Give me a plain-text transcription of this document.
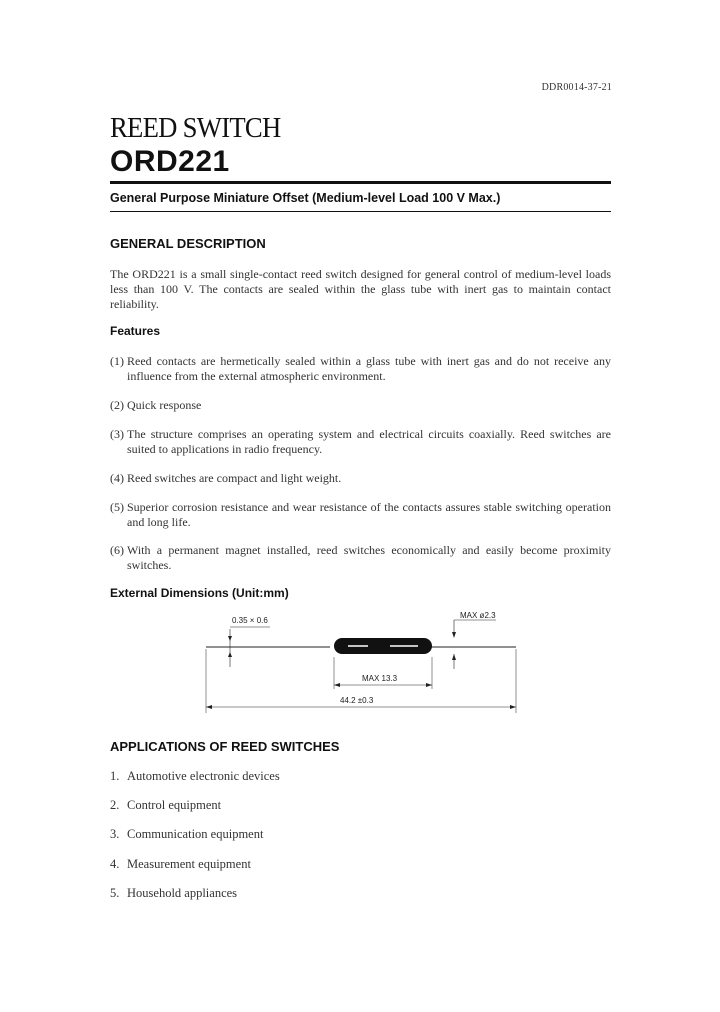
DDR0014-37-21
REED SWITCH
ORD221
General Purpose Miniature Offset (Medium-level Load 100 V Max.)
GENERAL DESCRIPTION
The ORD221 is a small single-contact reed switch designed for general control of medium-level loads less than 100 V. The contacts are sealed within the glass tube with inert gas to maintain contact reliability.
Features
(1) Reed contacts are hermetically sealed within a glass tube with inert gas and do not receive any influence from the external atmospheric environment.
(2) Quick response
(3) The structure comprises an operating system and electrical circuits coaxially. Reed switches are suited to applications in radio frequency.
(4) Reed switches are compact and light weight.
(5) Superior corrosion resistance and wear resistance of the contacts assures stable switching operation and long life.
(6) With a permanent magnet installed, reed switches economically and easily become proximity switches.
External Dimensions (Unit:mm)
0.35 × 0.6
MAX ø2.3
MAX 13.3
44.2 ±0.3
APPLICATIONS OF REED SWITCHES
1. Automotive electronic devices
2. Control equipment
3. Communication equipment
4. Measurement equipment
5. Household appliances
